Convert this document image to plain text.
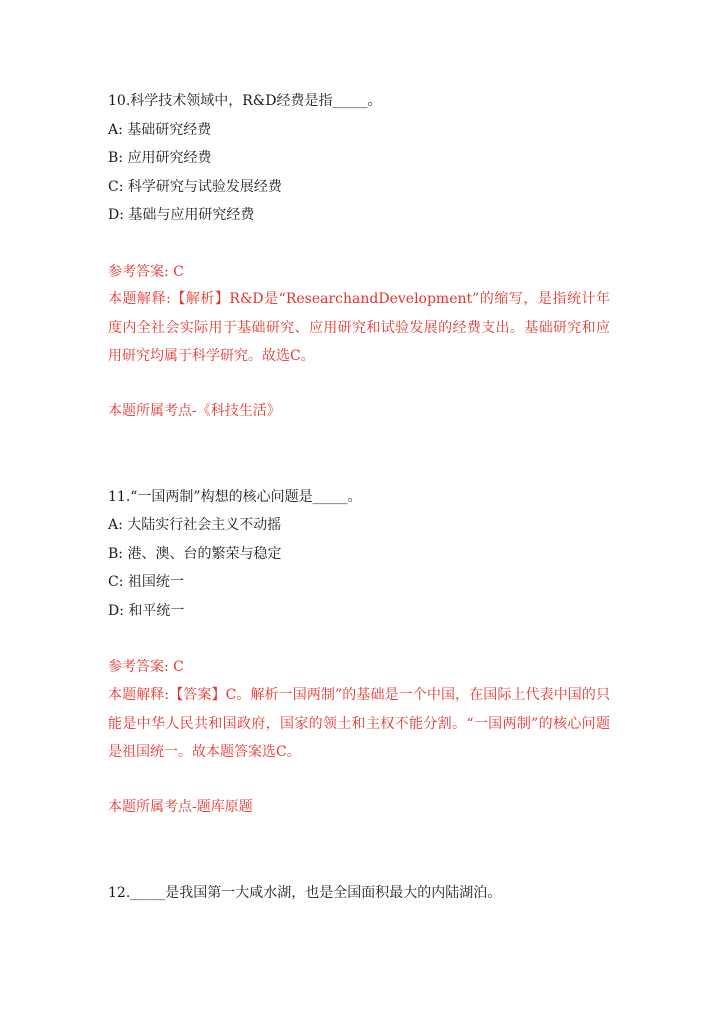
10.科学技术领域中，R&D经费是指_____。
A: 基础研究经费
B: 应用研究经费
C: 科学研究与试验发展经费
D: 基础与应用研究经费
参考答案: C
本题解释:【解析】R&D是“ResearchandDevelopment”的缩写，是指统计年度内全社会实际用于基础研究、应用研究和试验发展的经费支出。基础研究和应用研究均属于科学研究。故选C。
本题所属考点-《科技生活》
11.“一国两制”构想的核心问题是_____。
A: 大陆实行社会主义不动摇
B: 港、澳、台的繁荣与稳定
C: 祖国统一
D: 和平统一
参考答案: C
本题解释:【答案】C。解析一国两制”的基础是一个中国，在国际上代表中国的只能是中华人民共和国政府，国家的领土和主权不能分割。“一国两制”的核心问题是祖国统一。故本题答案选C。
本题所属考点-题库原题
12._____是我国第一大咸水湖，也是全国面积最大的内陆湖泊。
